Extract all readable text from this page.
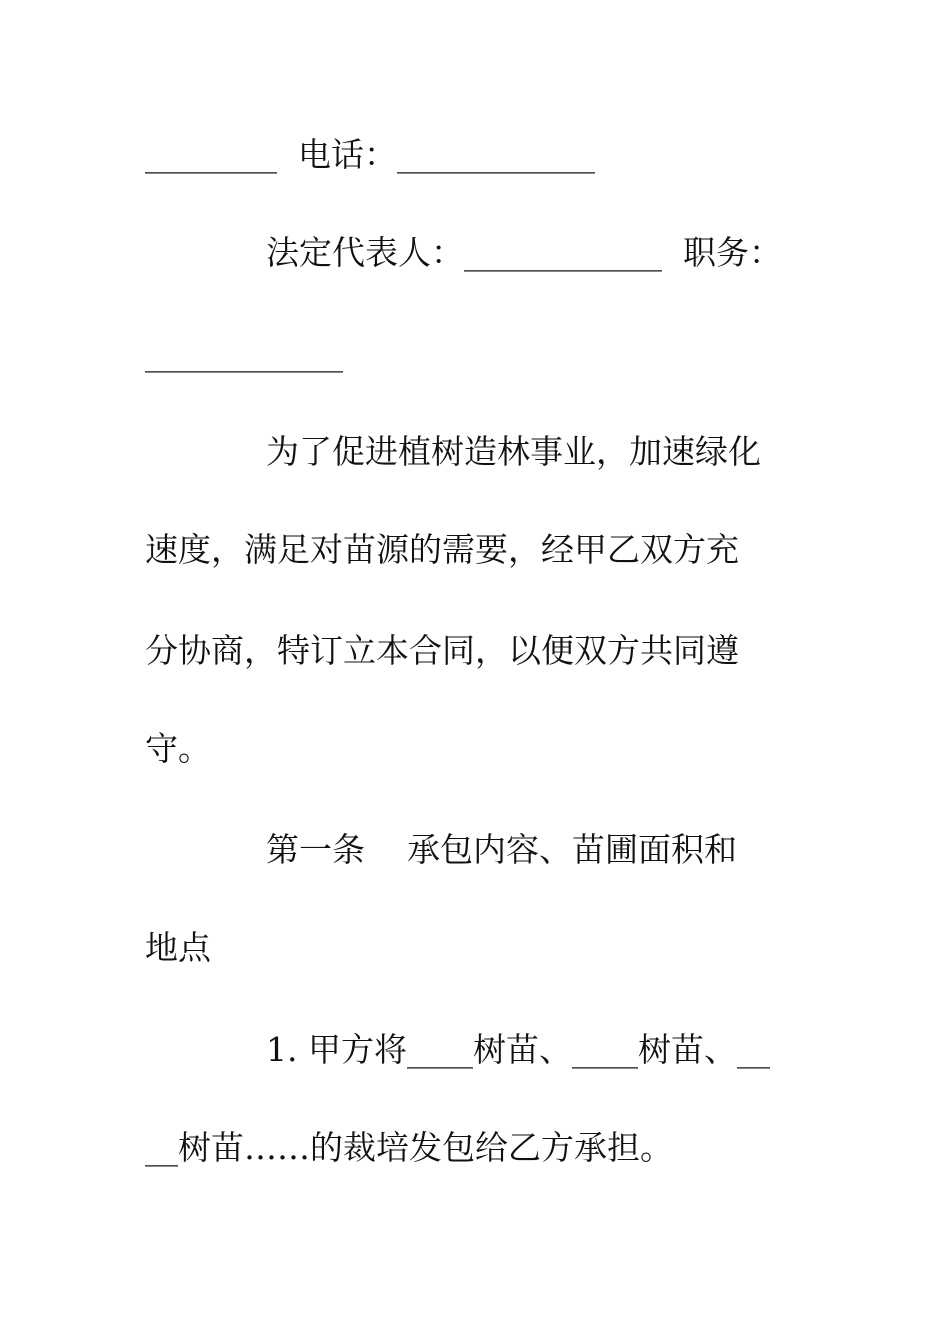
________  电话：____________
法定代表人：____________  职务：
____________
为了促进植树造林事业，加速绿化
速度，满足对苗源的需要，经甲乙双方充
分协商，特订立本合同，以便双方共同遵
守。
第一条    承包内容、苗圃面积和
地点
1. 甲方将____树苗、____树苗、__
__树苗……的裁培发包给乙方承担。
